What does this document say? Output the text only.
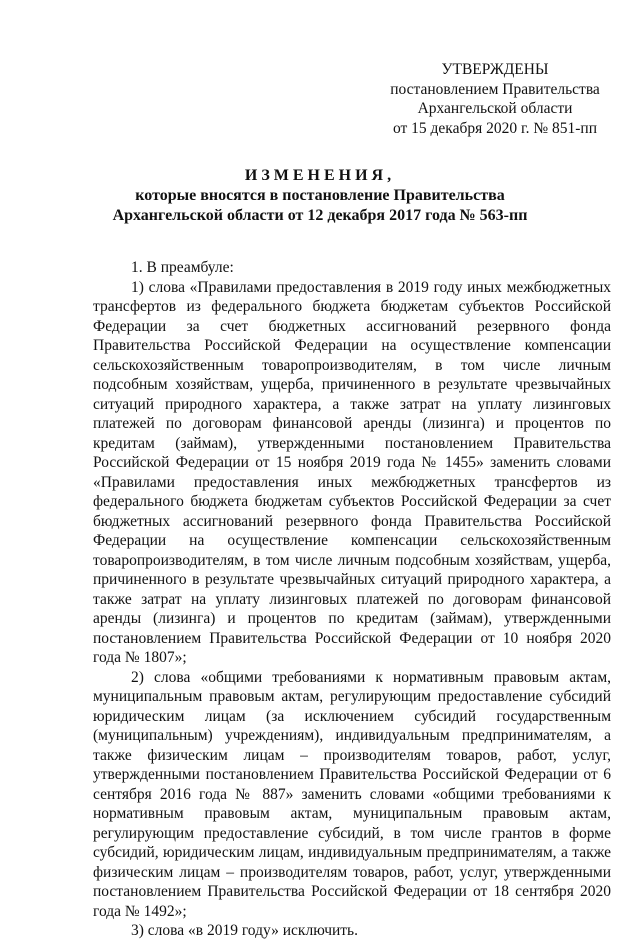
УТВЕРЖДЕНЫ
постановлением Правительства
Архангельской области
от 15 декабря 2020 г. № 851-пп
ИЗМЕНЕНИЯ,
которые вносятся в постановление Правительства
Архангельской области от 12 декабря 2017 года № 563-пп

1. В преамбуле:

1) слова «Правилами предоставления в 2019 году иных межбюджетных трансфертов из федерального бюджета бюджетам субъектов Российской Федерации за счет бюджетных ассигнований резервного фонда Правительства Российской Федерации на осуществление компенсации сельскохозяйственным товаропроизводителям, в том числе личным подсобным хозяйствам, ущерба, причиненного в результате чрезвычайных ситуаций природного характера, а также затрат на уплату лизинговых платежей по договорам финансовой аренды (лизинга) и процентов по кредитам (займам), утвержденными постановлением Правительства Российской Федерации от 15 ноября 2019 года № 1455» заменить словами «Правилами предоставления иных межбюджетных трансфертов из федерального бюджета бюджетам субъектов Российской Федерации за счет бюджетных ассигнований резервного фонда Правительства Российской Федерации на осуществление компенсации сельскохозяйственным товаропроизводителям, в том числе личным подсобным хозяйствам, ущерба, причиненного в результате чрезвычайных ситуаций природного характера, а также затрат на уплату лизинговых платежей по договорам финансовой аренды (лизинга) и процентов по кредитам (займам), утвержденными постановлением Правительства Российской Федерации от 10 ноября 2020 года № 1807»;

2) слова «общими требованиями к нормативным правовым актам, муниципальным правовым актам, регулирующим предоставление субсидий юридическим лицам (за исключением субсидий государственным (муниципальным) учреждениям), индивидуальным предпринимателям, а также физическим лицам – производителям товаров, работ, услуг, утвержденными постановлением Правительства Российской Федерации от 6 сентября 2016 года № 887» заменить словами «общими требованиями к нормативным правовым актам, муниципальным правовым актам, регулирующим предоставление субсидий, в том числе грантов в форме субсидий, юридическим лицам, индивидуальным предпринимателям, а также физическим лицам – производителям товаров, работ, услуг, утвержденными постановлением Правительства Российской Федерации от 18 сентября 2020 года № 1492»;

3) слова «в 2019 году» исключить.
